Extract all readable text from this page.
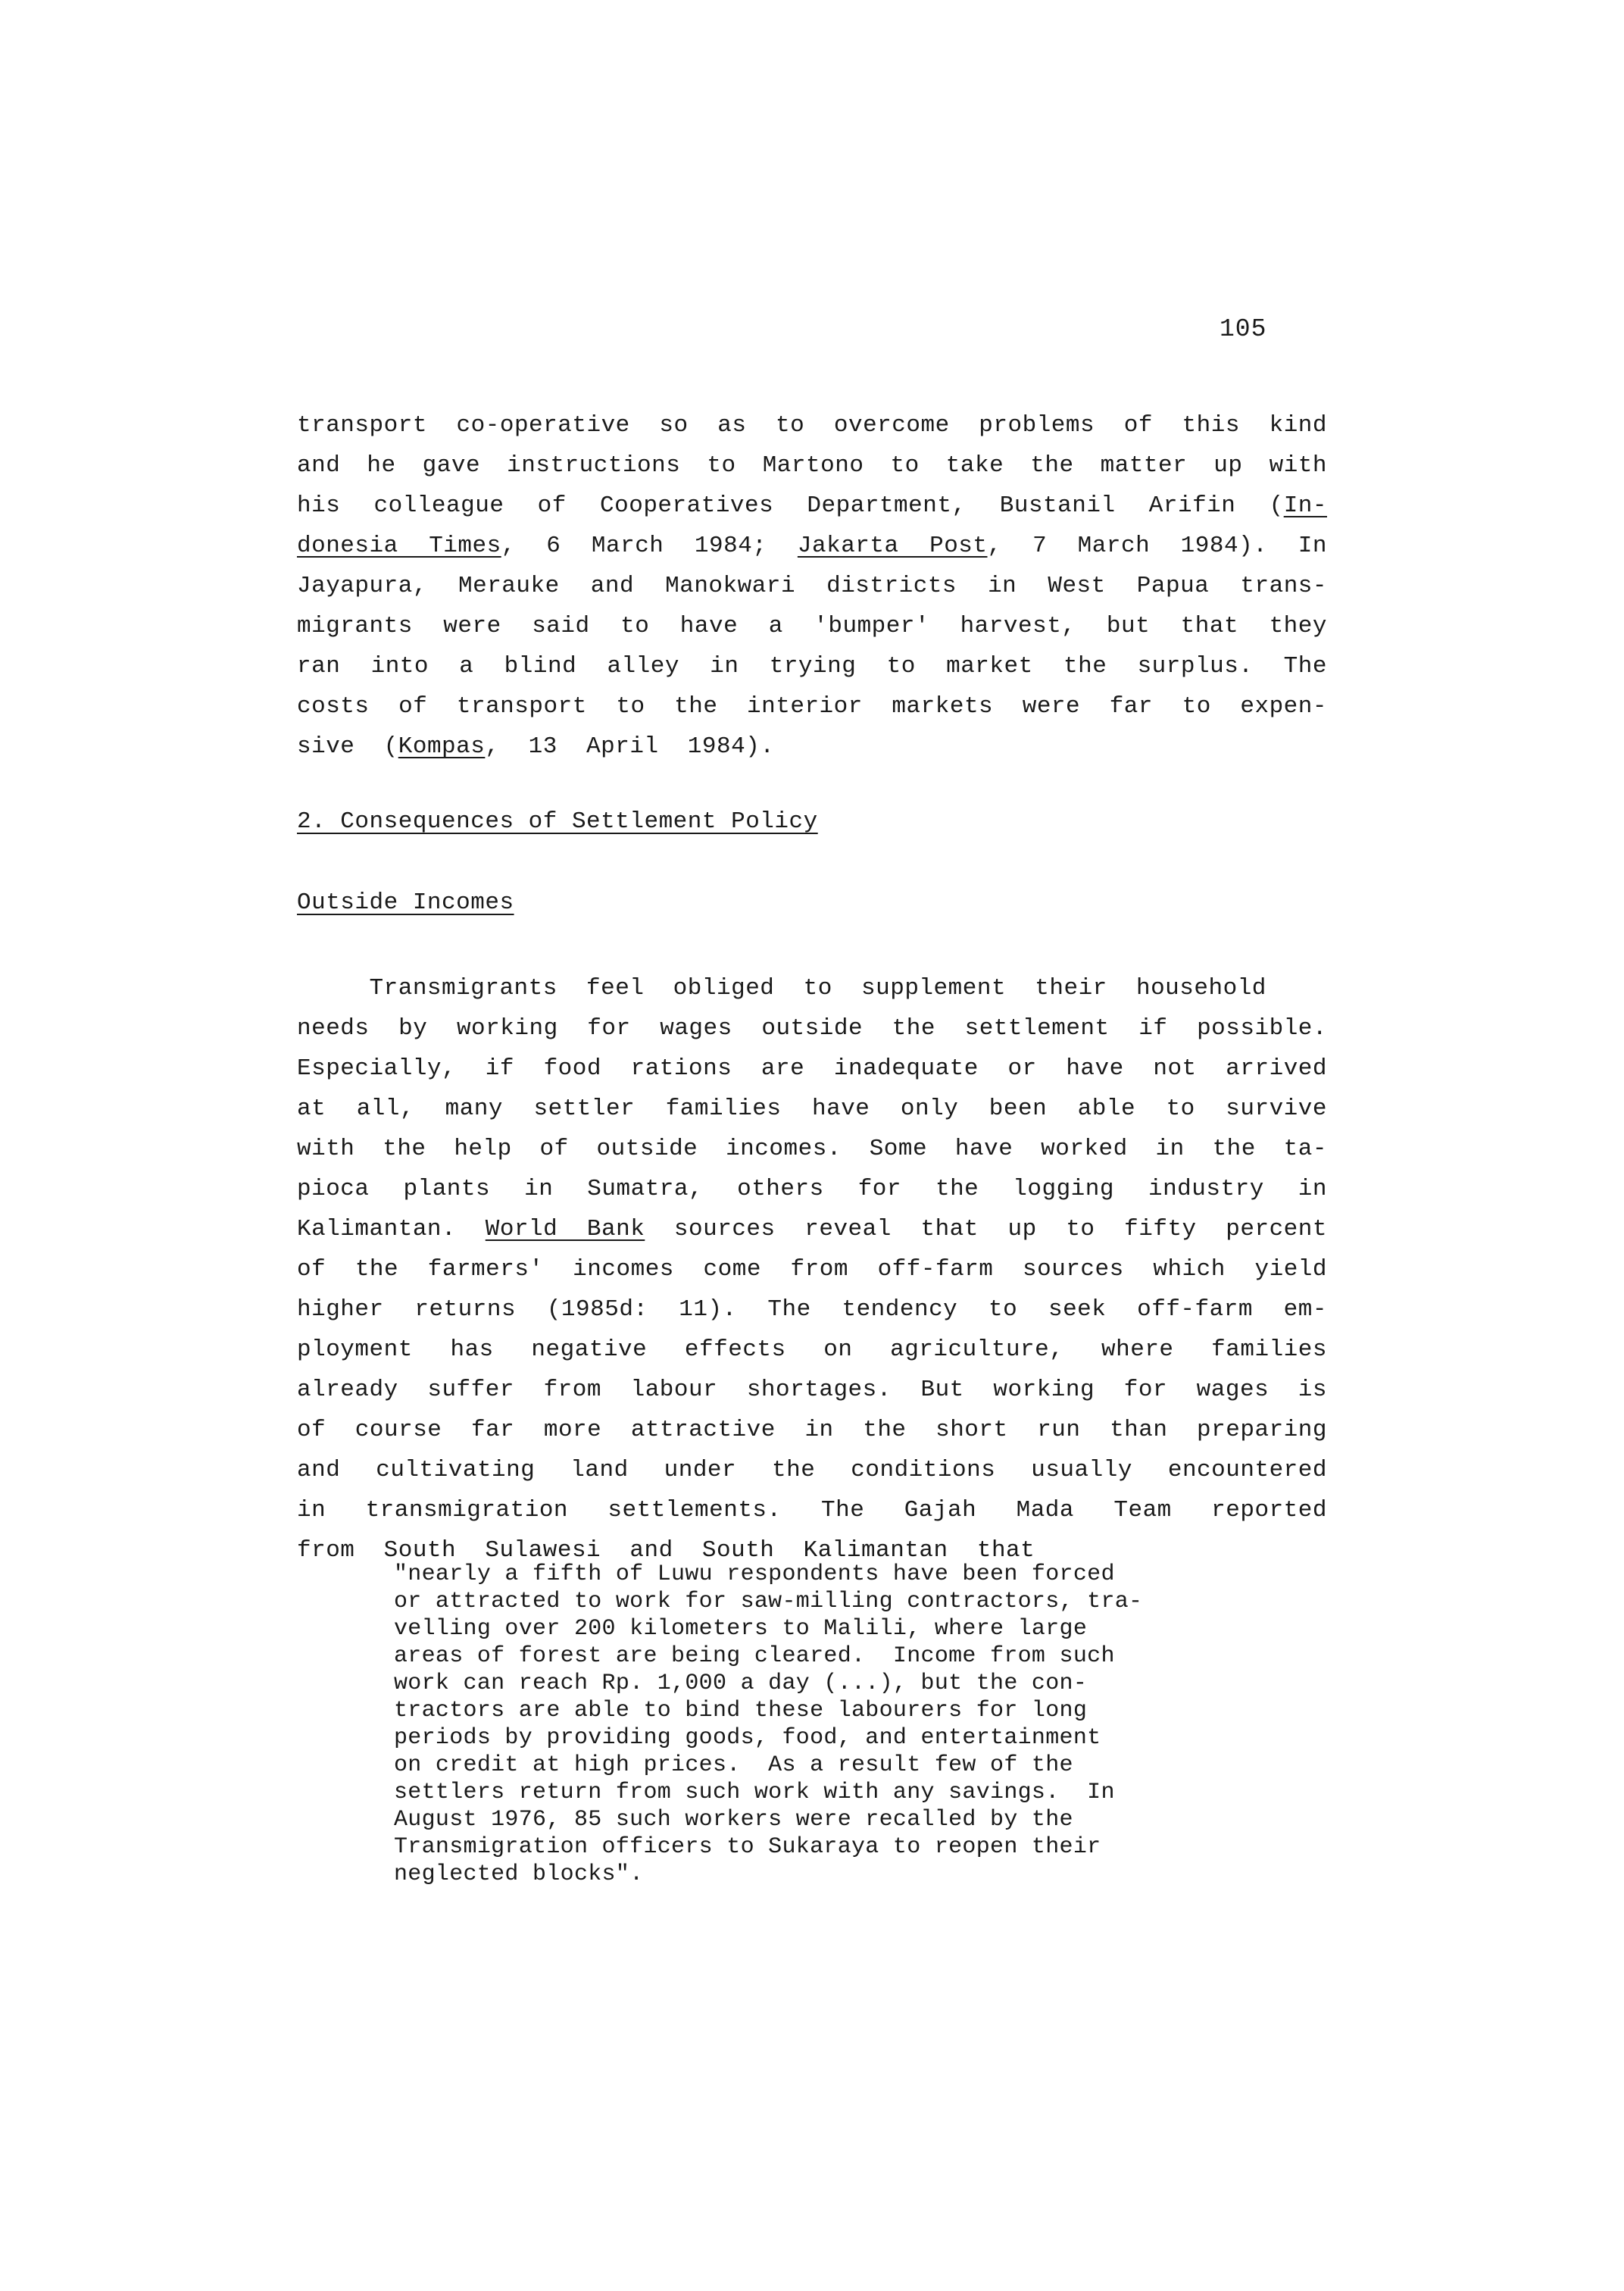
105
transport co-operative so as to overcome problems of this kind
and he gave instructions to Martono to take the matter up with
his colleague of Cooperatives Department, Bustanil Arifin (In-
donesia Times, 6 March 1984; Jakarta Post, 7 March 1984). In
Jayapura, Merauke and Manokwari districts in West Papua trans-
migrants were said to have a 'bumper' harvest, but that they
ran into a blind alley in trying to market the surplus. The
costs of transport to the interior markets were far to expen-
sive  (Kompas,  13  April  1984).
2. Consequences of Settlement Policy
Outside Incomes
Transmigrants  feel  obliged  to  supplement  their  household
needs by working for wages outside the settlement if possible.
Especially, if food rations are inadequate or have not arrived
at all, many settler families have only been able to survive
with the help of outside incomes. Some have worked in the ta-
pioca plants in Sumatra, others for the logging industry in
Kalimantan. World Bank sources reveal that up to fifty percent
of the farmers' incomes come from off-farm sources which yield
higher returns (1985d: 11). The tendency to seek off-farm em-
ployment has negative effects on agriculture, where families
already suffer from labour shortages. But working for wages is
of course far more attractive in the short run than preparing
and cultivating land under the conditions usually encountered
in transmigration settlements. The Gajah Mada Team reported
from  South  Sulawesi  and  South  Kalimantan  that
"nearly a fifth of Luwu respondents have been forced
or attracted to work for saw-milling contractors, tra-
velling over 200 kilometers to Malili, where large
areas of forest are being cleared.  Income from such
work can reach Rp. 1,000 a day (...), but the con-
tractors are able to bind these labourers for long
periods by providing goods, food, and entertainment
on credit at high prices.  As a result few of the
settlers return from such work with any savings.  In
August 1976, 85 such workers were recalled by the
Transmigration officers to Sukaraya to reopen their
neglected blocks".
